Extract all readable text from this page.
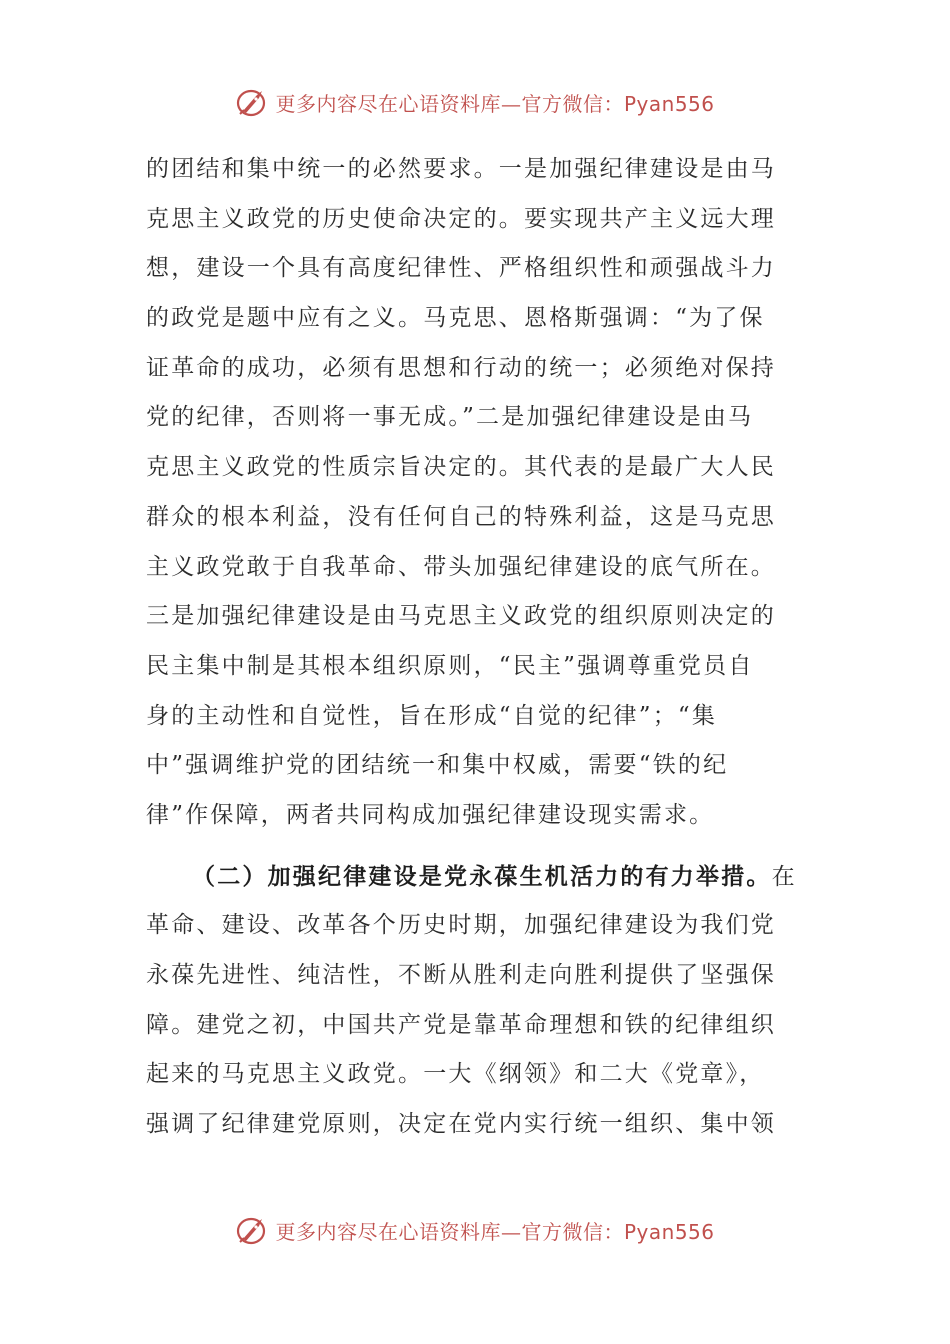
更多内容尽在心语资料库—官方微信：Pyan556
的团结和集中统一的必然要求。一是加强纪律建设是由马
克思主义政党的历史使命决定的。要实现共产主义远大理
想，建设一个具有高度纪律性、严格组织性和顽强战斗力
的政党是题中应有之义。马克思、恩格斯强调：“为了保
证革命的成功，必须有思想和行动的统一；必须绝对保持
党的纪律，否则将一事无成。”二是加强纪律建设是由马
克思主义政党的性质宗旨决定的。其代表的是最广大人民
群众的根本利益，没有任何自己的特殊利益，这是马克思
主义政党敢于自我革命、带头加强纪律建设的底气所在。
三是加强纪律建设是由马克思主义政党的组织原则决定的
民主集中制是其根本组织原则，“民主”强调尊重党员自
身的主动性和自觉性，旨在形成“自觉的纪律”；“集
中”强调维护党的团结统一和集中权威，需要“铁的纪
律”作保障，两者共同构成加强纪律建设现实需求。
（二）加强纪律建设是党永葆生机活力的有力举措。在
革命、建设、改革各个历史时期，加强纪律建设为我们党
永葆先进性、纯洁性，不断从胜利走向胜利提供了坚强保
障。建党之初，中国共产党是靠革命理想和铁的纪律组织
起来的马克思主义政党。一大《纲领》和二大《党章》，
强调了纪律建党原则，决定在党内实行统一组织、集中领
更多内容尽在心语资料库—官方微信：Pyan556
